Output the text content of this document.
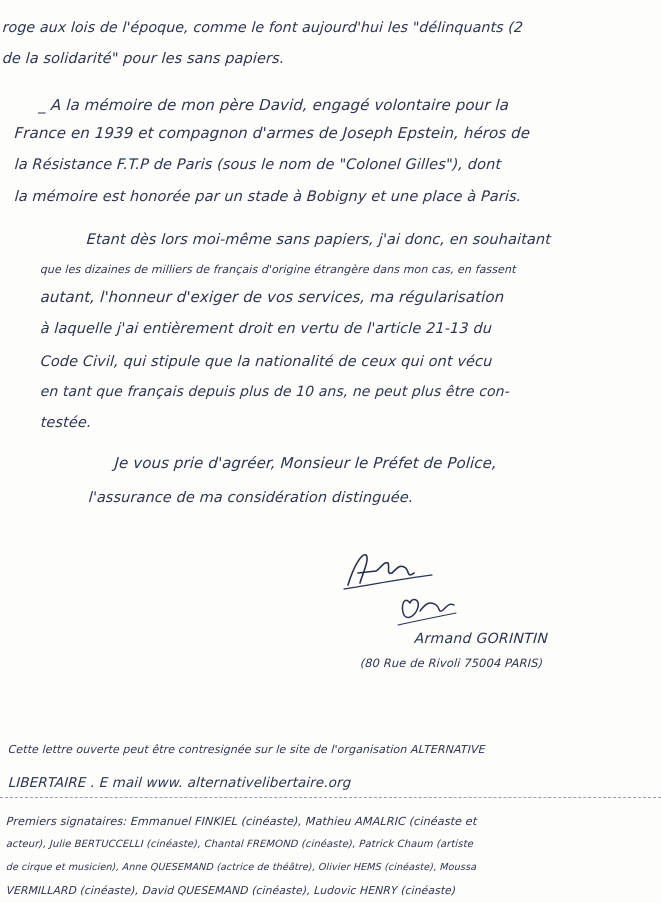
roge aux lois de l'époque, comme le font aujourd'hui les "délinquants (2
de la solidarité" pour les sans papiers.
_ A la mémoire de mon père David, engagé volontaire pour la
France en 1939 et compagnon d'armes de Joseph Epstein, héros de
la Résistance F.T.P de Paris (sous le nom de "Colonel Gilles"), dont
la mémoire est honorée par un stade à Bobigny et une place à Paris.
Etant dès lors moi-même sans papiers, j'ai donc, en souhaitant
que les dizaines de milliers de français d'origine étrangère dans mon cas, en fassent
autant, l'honneur d'exiger de vos services, ma régularisation
à laquelle j'ai entièrement droit en vertu de l'article 21-13 du
Code Civil, qui stipule que la nationalité de ceux qui ont vécu
en tant que français depuis plus de 10 ans, ne peut plus être con-
testée.
Je vous prie d'agréer, Monsieur le Préfet de Police,
l'assurance de ma considération distinguée.
Armand GORINTIN
(80 Rue de Rivoli 75004 PARIS)
Cette lettre ouverte peut être contresignée sur le site de l'organisation ALTERNATIVE
LIBERTAIRE . E mail www. alternativelibertaire.org
Premiers signataires: Emmanuel FINKIEL (cinéaste), Mathieu AMALRIC (cinéaste et
acteur), Julie BERTUCCELLI (cinéaste), Chantal FREMOND (cinéaste), Patrick Chaum (artiste
de cirque et musicien), Anne QUESEMAND (actrice de théâtre), Olivier HEMS (cinéaste), Moussa
VERMILLARD (cinéaste), David QUESEMAND (cinéaste), Ludovic HENRY (cinéaste)
